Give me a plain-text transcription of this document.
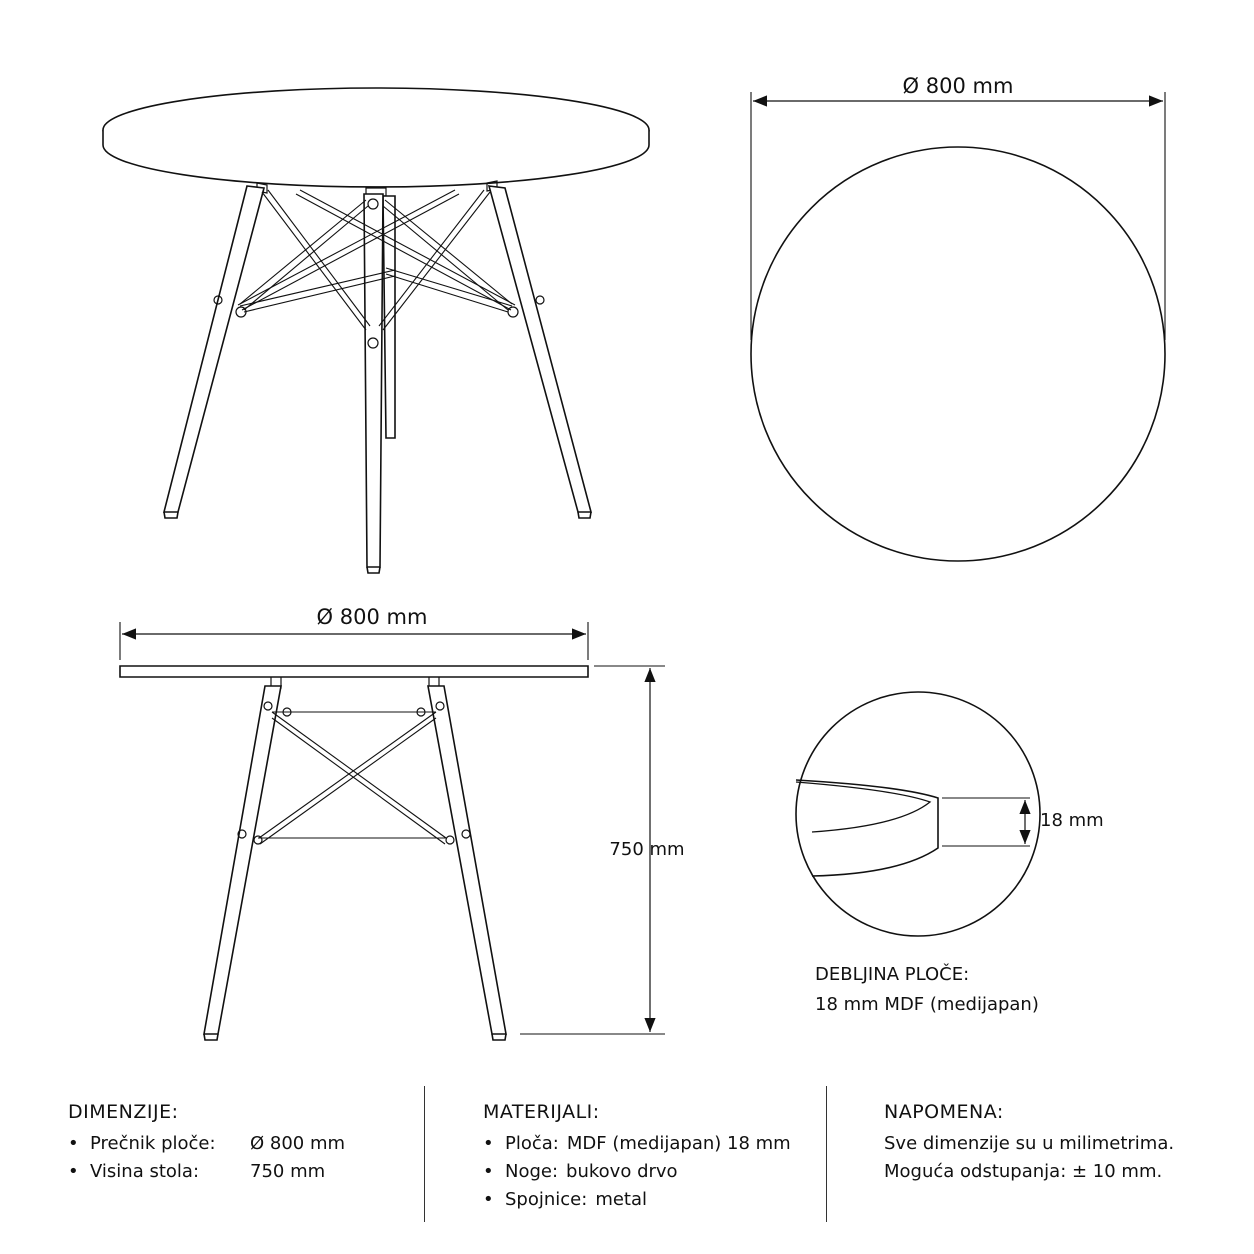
Ø 800 mm
Ø 800 mm
750 mm
18 mm
DEBLJINA PLOČE:
18 mm MDF (medijapan)
DIMENZIJE:
• Prečnik ploče:	Ø 800 mm
• Visina stola:	750 mm
MATERIJALI:
• Ploča: MDF (medijapan) 18 mm
• Noge: bukovo drvo
• Spojnice: metal
NAPOMENA:

Sve dimenzije su u milimetrima.

Moguća odstupanja: ± 10 mm.
